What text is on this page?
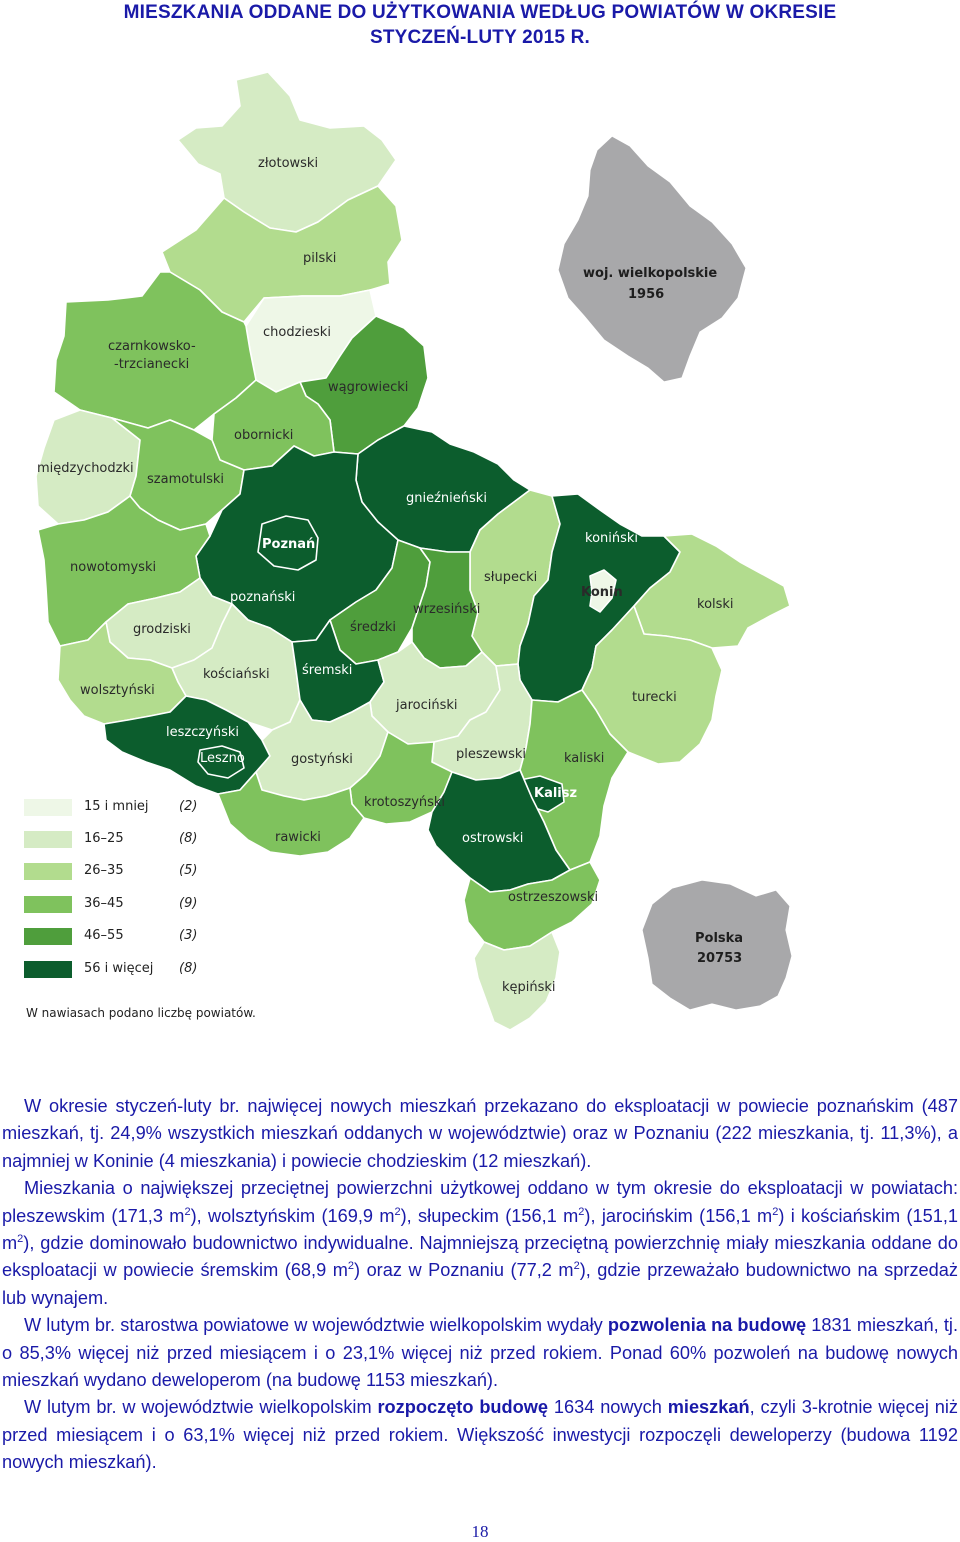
MIESZKANIA ODDANE DO UŻYTKOWANIA WEDŁUG POWIATÓW W OKRESIE
STYCZEŃ-LUTY 2015 R.
woj. wielkopolskie
1956
Polska
20753
złotowski
pilski
chodzieski
czarnkowsko-
-trzcianecki
wągrowiecki
obornicki
międzychodzki
szamotulski
gnieźnieński
Poznań	koniński
nowotomyski
słupecki
Konin
poznański	kolski
wrzesiński
grodziski	średzki
kościański śremski
wolsztyński	turecki
jarociński
leszczyński
Leszno	pleszewski
gostyński	kaliski
Kalisz
krotoszyński
rawicki	ostrowski
ostrzeszowski
kępiński
15 i mniej (2)
16–25	(8)
26–35	(5)
36–45	(9)
46–55	(3)
56 i więcej (8)
W nawiasach podano liczbę powiatów.

W okresie styczeń-luty br. najwięcej nowych mieszkań przekazano do eksploatacji w powiecie poznańskim (487 mieszkań, tj. 24,9% wszystkich mieszkań oddanych w województwie) oraz w Poznaniu (222 mieszkania, tj. 11,3%), a najmniej w Koninie (4 mieszkania) i powiecie chodzieskim (12 mieszkań).

Mieszkania o największej przeciętnej powierzchni użytkowej oddano w tym okresie do eksploatacji w powiatach: pleszewskim (171,3 $m^2$), wolsztyńskim (169,9 $m^2$), słupeckim (156,1 $m^2$), jarocińskim (156,1 $m^2$) i kościańskim (151,1 $m^2$), gdzie dominowało budownictwo indywidualne. Najmniejszą przeciętną powierzchnię miały mieszkania oddane do eksploatacji w powiecie śremskim (68,9 $m^2$) oraz w Poznaniu (77,2 $m^2$), gdzie przeważało budownictwo na sprzedaż lub wynajem.

W lutym br. starostwa powiatowe w województwie wielkopolskim wydały pozwolenia na budowę 1831 mieszkań, tj. o 85,3% więcej niż przed miesiącem i o 23,1% więcej niż przed rokiem. Ponad 60% pozwoleń na budowę nowych mieszkań wydano deweloperom (na budowę 1153 mieszkań).

W lutym br. w województwie wielkopolskim rozpoczęto budowę 1634 nowych mieszkań, czyli 3-krotnie więcej niż przed miesiącem i o 63,1% więcej niż przed rokiem. Większość inwestycji rozpoczęli deweloperzy (budowa 1192 nowych mieszkań).

18
